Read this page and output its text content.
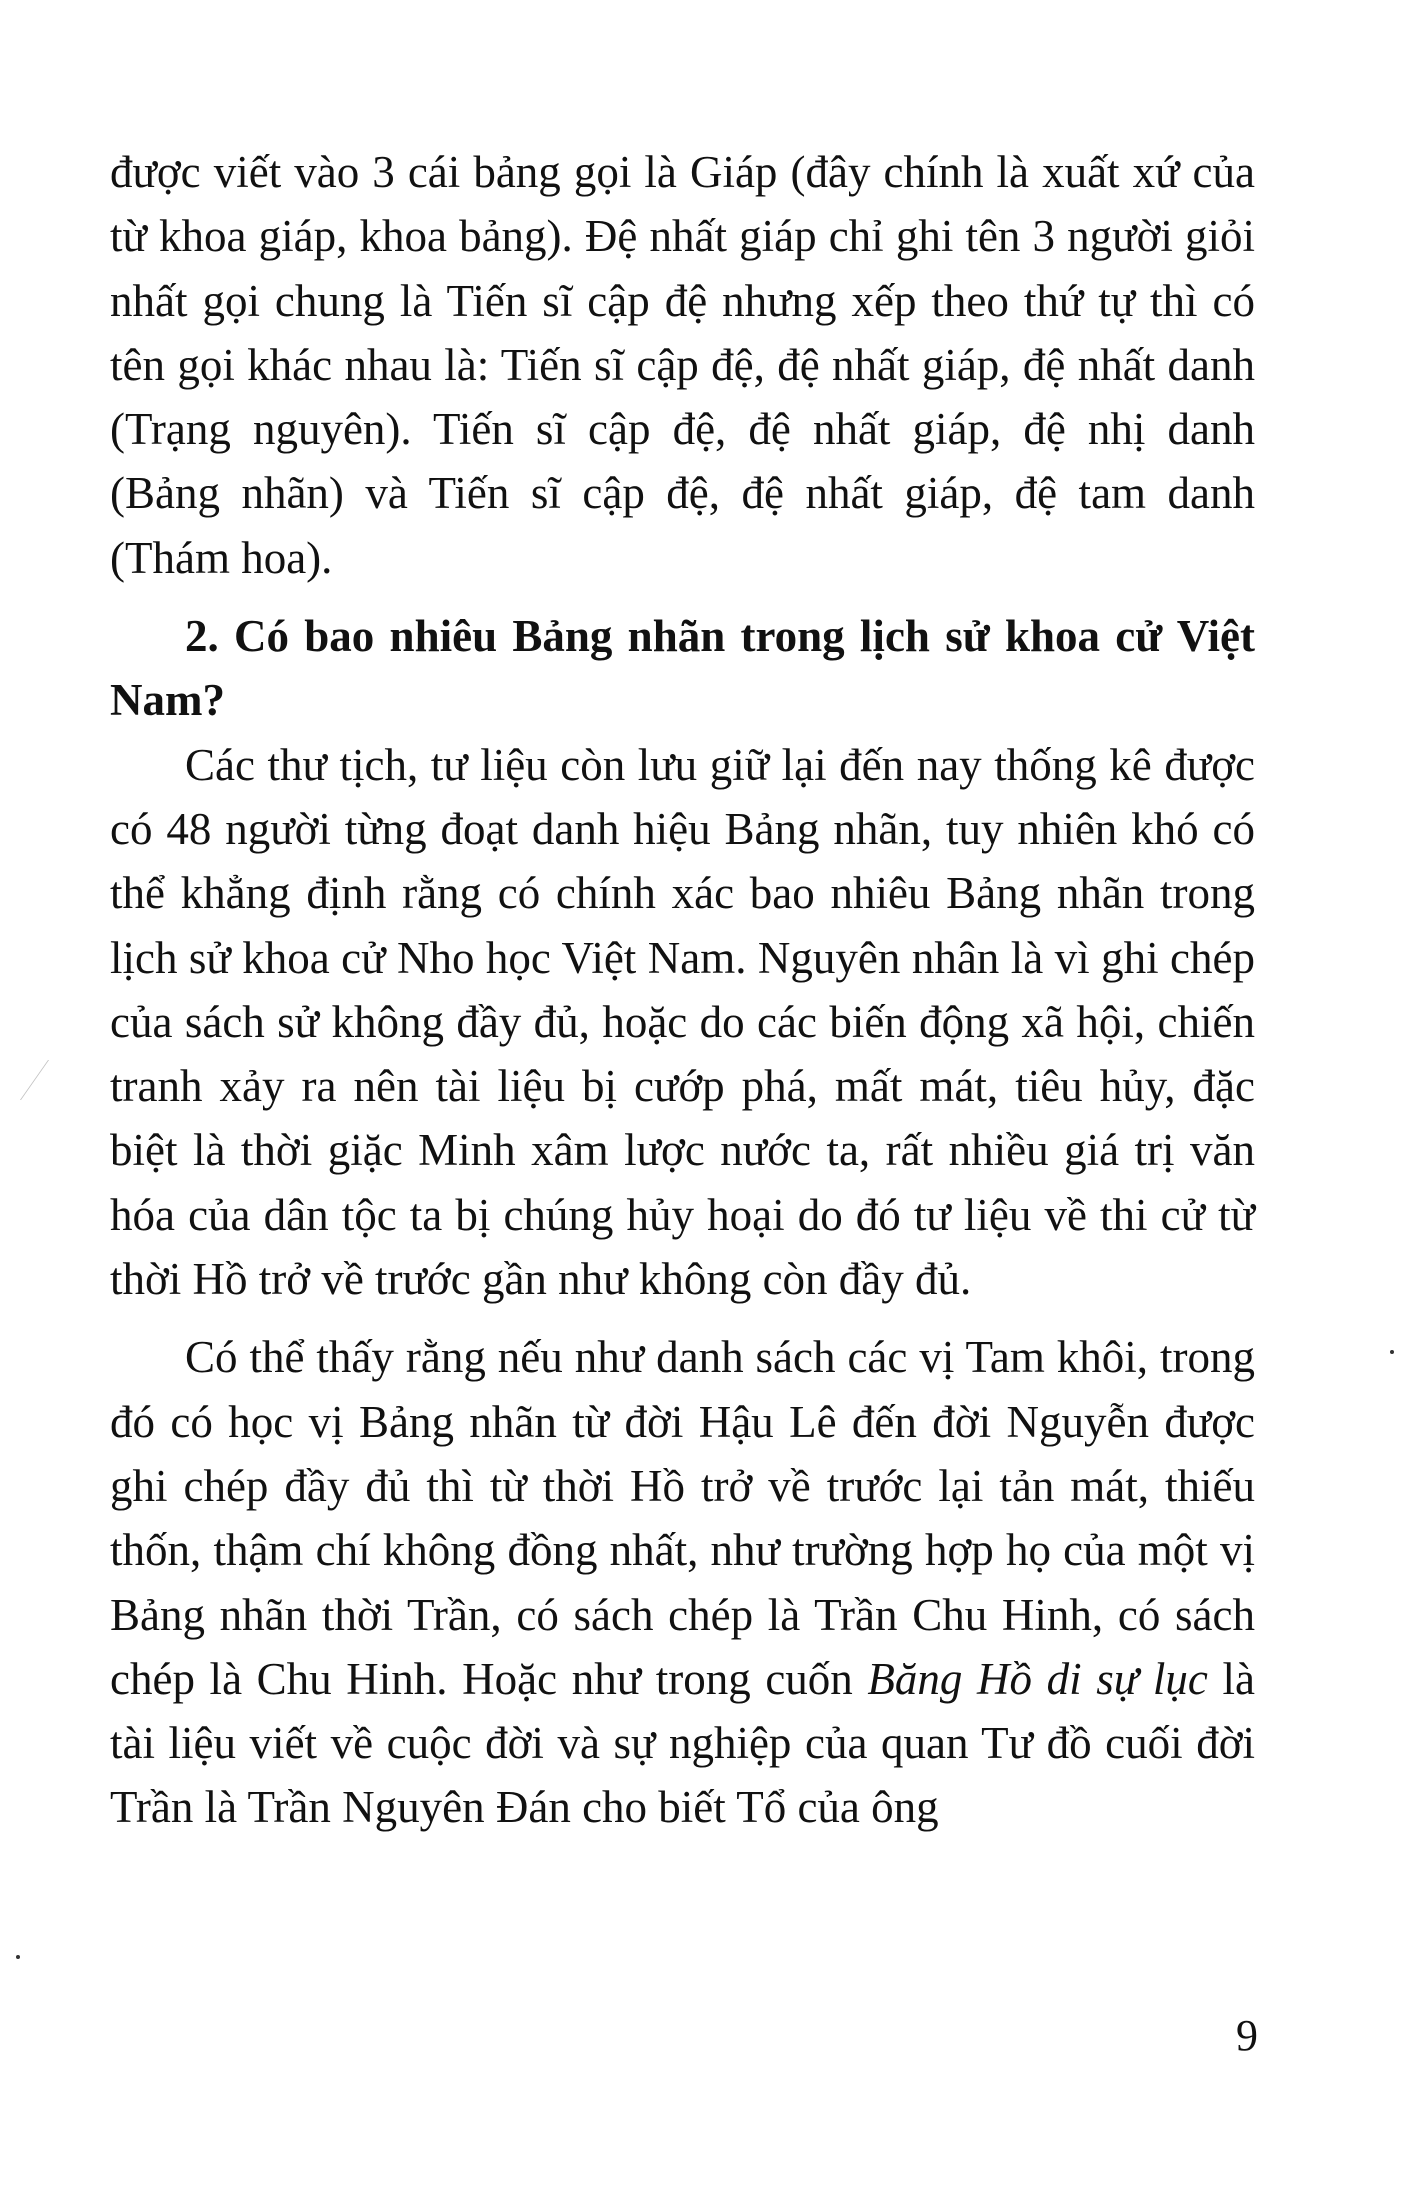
được viết vào 3 cái bảng gọi là Giáp (đây chính là xuất xứ của từ khoa giáp, khoa bảng). Đệ nhất giáp chỉ ghi tên 3 người giỏi nhất gọi chung là Tiến sĩ cập đệ nhưng xếp theo thứ tự thì có tên gọi khác nhau là: Tiến sĩ cập đệ, đệ nhất giáp, đệ nhất danh (Trạng nguyên). Tiến sĩ cập đệ, đệ nhất giáp, đệ nhị danh (Bảng nhãn) và Tiến sĩ cập đệ, đệ nhất giáp, đệ tam danh (Thám hoa).

2. Có bao nhiêu Bảng nhãn trong lịch sử khoa cử Việt Nam?

Các thư tịch, tư liệu còn lưu giữ lại đến nay thống kê được có 48 người từng đoạt danh hiệu Bảng nhãn, tuy nhiên khó có thể khẳng định rằng có chính xác bao nhiêu Bảng nhãn trong lịch sử khoa cử Nho học Việt Nam. Nguyên nhân là vì ghi chép của sách sử không đầy đủ, hoặc do các biến động xã hội, chiến tranh xảy ra nên tài liệu bị cướp phá, mất mát, tiêu hủy, đặc biệt là thời giặc Minh xâm lược nước ta, rất nhiều giá trị văn hóa của dân tộc ta bị chúng hủy hoại do đó tư liệu về thi cử từ thời Hồ trở về trước gần như không còn đầy đủ.

Có thể thấy rằng nếu như danh sách các vị Tam khôi, trong đó có học vị Bảng nhãn từ đời Hậu Lê đến đời Nguyễn được ghi chép đầy đủ thì từ thời Hồ trở về trước lại tản mát, thiếu thốn, thậm chí không đồng nhất, như trường hợp họ của một vị Bảng nhãn thời Trần, có sách chép là Trần Chu Hinh, có sách chép là Chu Hinh. Hoặc như trong cuốn Băng Hồ di sự lục là tài liệu viết về cuộc đời và sự nghiệp của quan Tư đồ cuối đời Trần là Trần Nguyên Đán cho biết Tổ của ông

9
